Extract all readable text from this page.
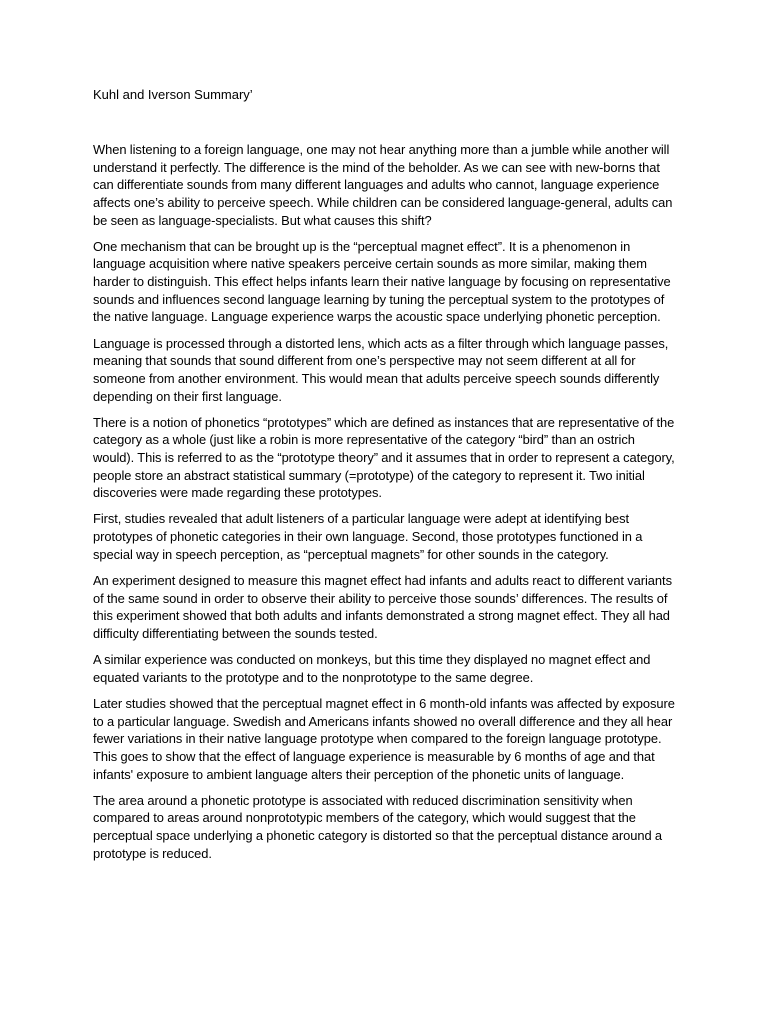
Kuhl and Iverson Summary’

When listening to a foreign language, one may not hear anything more than a jumble while another will understand it perfectly. The difference is the mind of the beholder. As we can see with new-borns that can differentiate sounds from many different languages and adults who cannot, language experience affects one’s ability to perceive speech. While children can be considered language-general, adults can be seen as language-specialists. But what causes this shift?

One mechanism that can be brought up is the “perceptual magnet effect”. It is a phenomenon in language acquisition where native speakers perceive certain sounds as more similar, making them harder to distinguish. This effect helps infants learn their native language by focusing on representative sounds and influences second language learning by tuning the perceptual system to the prototypes of the native language. Language experience warps the acoustic space underlying phonetic perception.

Language is processed through a distorted lens, which acts as a filter through which language passes, meaning that sounds that sound different from one’s perspective may not seem different at all for someone from another environment. This would mean that adults perceive speech sounds differently depending on their first language.

There is a notion of phonetics “prototypes” which are defined as instances that are representative of the category as a whole (just like a robin is more representative of the category “bird” than an ostrich would). This is referred to as the “prototype theory” and it assumes that in order to represent a category, people store an abstract statistical summary (=prototype) of the category to represent it. Two initial discoveries were made regarding these prototypes.

First, studies revealed that adult listeners of a particular language were adept at identifying best prototypes of phonetic categories in their own language. Second, those prototypes functioned in a special way in speech perception, as “perceptual magnets” for other sounds in the category.

An experiment designed to measure this magnet effect had infants and adults react to different variants of the same sound in order to observe their ability to perceive those sounds’ differences. The results of this experiment showed that both adults and infants demonstrated a strong magnet effect. They all had difficulty differentiating between the sounds tested.

A similar experience was conducted on monkeys, but this time they displayed no magnet effect and equated variants to the prototype and to the nonprototype to the same degree.

Later studies showed that the perceptual magnet effect in 6 month-old infants was affected by exposure to a particular language. Swedish and Americans infants showed no overall difference and they all hear fewer variations in their native language prototype when compared to the foreign language prototype. This goes to show that the effect of language experience is measurable by 6 months of age and that infants' exposure to ambient language alters their perception of the phonetic units of language.

The area around a phonetic prototype is associated with reduced discrimination sensitivity when compared to areas around nonprototypic members of the category, which would suggest that the perceptual space underlying a phonetic category is distorted so that the perceptual distance around a prototype is reduced.
